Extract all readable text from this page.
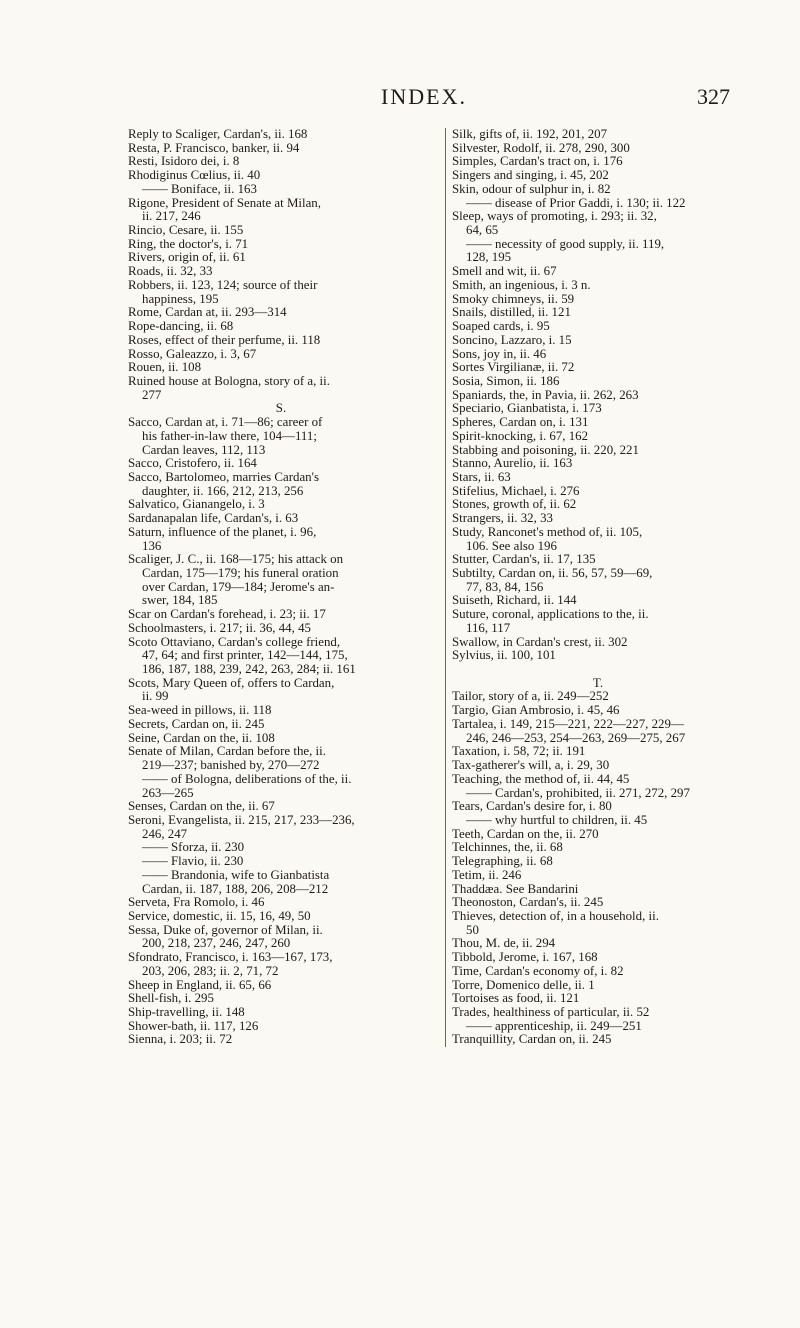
INDEX.	327
Reply to Scaliger, Cardan's, ii. 168
Resta, P. Francisco, banker, ii. 94
Resti, Isidoro dei, i. 8
Rhodiginus Cœlius, ii. 40
—— Boniface, ii. 163
Rigone, President of Senate at Milan,
ii. 217, 246
Rincio, Cesare, ii. 155
Ring, the doctor's, i. 71
Rivers, origin of, ii. 61
Roads, ii. 32, 33
Robbers, ii. 123, 124; source of their
happiness, 195
Rome, Cardan at, ii. 293—314
Rope-dancing, ii. 68
Roses, effect of their perfume, ii. 118
Rosso, Galeazzo, i. 3, 67
Rouen, ii. 108
Ruined house at Bologna, story of a, ii.
277
S.
Sacco, Cardan at, i. 71—86; career of
his father-in-law there, 104—111;
Cardan leaves, 112, 113
Sacco, Cristofero, ii. 164
Sacco, Bartolomeo, marries Cardan's
daughter, ii. 166, 212, 213, 256
Salvatico, Gianangelo, i. 3
Sardanapalan life, Cardan's, i. 63
Saturn, influence of the planet, i. 96,
136
Scaliger, J. C., ii. 168—175; his attack on
Cardan, 175—179; his funeral oration
over Cardan, 179—184; Jerome's an-
swer, 184, 185
Scar on Cardan's forehead, i. 23; ii. 17
Schoolmasters, i. 217; ii. 36, 44, 45
Scoto Ottaviano, Cardan's college friend,
47, 64; and first printer, 142—144, 175,
186, 187, 188, 239, 242, 263, 284; ii. 161
Scots, Mary Queen of, offers to Cardan,
ii. 99
Sea-weed in pillows, ii. 118
Secrets, Cardan on, ii. 245
Seine, Cardan on the, ii. 108
Senate of Milan, Cardan before the, ii.
219—237; banished by, 270—272
—— of Bologna, deliberations of the, ii.
263—265
Senses, Cardan on the, ii. 67
Seroni, Evangelista, ii. 215, 217, 233—236,
246, 247
—— Sforza, ii. 230
—— Flavio, ii. 230
—— Brandonia, wife to Gianbatista
Cardan, ii. 187, 188, 206, 208—212
Serveta, Fra Romolo, i. 46
Service, domestic, ii. 15, 16, 49, 50
Sessa, Duke of, governor of Milan, ii.
200, 218, 237, 246, 247, 260
Sfondrato, Francisco, i. 163—167, 173,
203, 206, 283; ii. 2, 71, 72
Sheep in England, ii. 65, 66
Shell-fish, i. 295
Ship-travelling, ii. 148
Shower-bath, ii. 117, 126
Sienna, i. 203; ii. 72
Silk, gifts of, ii. 192, 201, 207
Silvester, Rodolf, ii. 278, 290, 300
Simples, Cardan's tract on, i. 176
Singers and singing, i. 45, 202
Skin, odour of sulphur in, i. 82
—— disease of Prior Gaddi, i. 130; ii. 122
Sleep, ways of promoting, i. 293; ii. 32,
64, 65
—— necessity of good supply, ii. 119,
128, 195
Smell and wit, ii. 67
Smith, an ingenious, i. 3 n.
Smoky chimneys, ii. 59
Snails, distilled, ii. 121
Soaped cards, i. 95
Soncino, Lazzaro, i. 15
Sons, joy in, ii. 46
Sortes Virgilianæ, ii. 72
Sosia, Simon, ii. 186
Spaniards, the, in Pavia, ii. 262, 263
Speciario, Gianbatista, i. 173
Spheres, Cardan on, i. 131
Spirit-knocking, i. 67, 162
Stabbing and poisoning, ii. 220, 221
Stanno, Aurelio, ii. 163
Stars, ii. 63
Stifelius, Michael, i. 276
Stones, growth of, ii. 62
Strangers, ii. 32, 33
Study, Ranconet's method of, ii. 105,
106. See also 196
Stutter, Cardan's, ii. 17, 135
Subtilty, Cardan on, ii. 56, 57, 59—69,
77, 83, 84, 156
Suiseth, Richard, ii. 144
Suture, coronal, applications to the, ii.
116, 117
Swallow, in Cardan's crest, ii. 302
Sylvius, ii. 100, 101
T.
Tailor, story of a, ii. 249—252
Targio, Gian Ambrosio, i. 45, 46
Tartalea, i. 149, 215—221, 222—227, 229—
246, 246—253, 254—263, 269—275, 267
Taxation, i. 58, 72; ii. 191
Tax-gatherer's will, a, i. 29, 30
Teaching, the method of, ii. 44, 45
—— Cardan's, prohibited, ii. 271, 272, 297
Tears, Cardan's desire for, i. 80
—— why hurtful to children, ii. 45
Teeth, Cardan on the, ii. 270
Telchinnes, the, ii. 68
Telegraphing, ii. 68
Tetim, ii. 246
Thaddæa. See Bandarini
Theonoston, Cardan's, ii. 245
Thieves, detection of, in a household, ii.
50
Thou, M. de, ii. 294
Tibbold, Jerome, i. 167, 168
Time, Cardan's economy of, i. 82
Torre, Domenico delle, ii. 1
Tortoises as food, ii. 121
Trades, healthiness of particular, ii. 52
—— apprenticeship, ii. 249—251
Tranquillity, Cardan on, ii. 245
